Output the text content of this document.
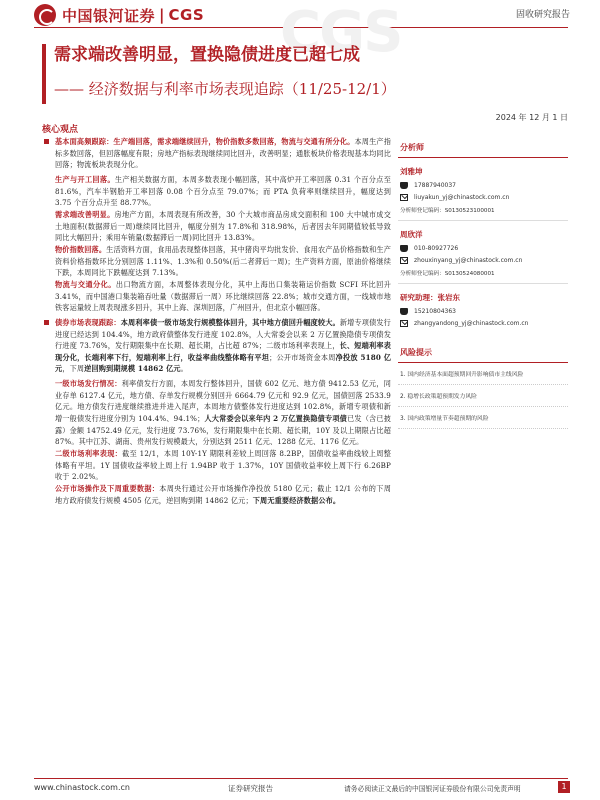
中国银河证券 | CGS	固收研究报告
CGS
需求端改善明显，置换隐债进度已超七成
—— 经济数据与利率市场表现追踪（11/25-12/1）
2024 年 12 月 1 日
核心观点
基本面高频跟踪：生产端回落，需求端继续回升，物价指数多数回落，物流与交通有所分化。本周生产指标多数回落，但回落幅度有限；房地产指标表现继续同比回升，改善明显；通胀板块价格表现基本均同比回落；物流板块表现分化。
生产与开工回落。生产相关数据方面，本周多数表现小幅回落，其中高炉开工率回落 0.31 个百分点至 81.6%，汽车半钢胎开工率回落 0.08 个百分点至 79.07%；而 PTA 负荷率则继续回升，幅度达到 3.75 个百分点升至 88.77%。
需求端改善明显。房地产方面，本周表现有所改善，30 个大城市商品房成交面积和 100 大中城市成交土地面积(数据滞后一周)继续同比回升，幅度分别为 17.8%和 318.98%，后者因去年同期值较低导致同比大幅回升；乘用车销量(数据滞后一周)同比回升 13.83%。
物价指数回落。生活资料方面，食用品表现整体回落，其中猪肉平均批发价、食用农产品价格指数和生产资料价格指数环比分别回落 1.11%、1.3%和 0.50%(后二者滞后一周)；生产资料方面，原油价格继续下跌，本周同比下跌幅度达到 7.13%。
物流与交通分化。出口物流方面，本周整体表现分化，其中上海出口集装箱运价指数 SCFI 环比回升 3.41%，而中国港口集装箱吞吐量（数据滞后一周）环比继续回落 22.8%；城市交通方面，一线城市地铁客运量较上周表现涨多回升，其中上海、深圳回落，广州回升，但北京小幅回落。
债券市场表现跟踪：本周利率债一级市场发行规模整体回升，其中地方债回升幅度较大。新增专项债发行进度已经达到 104.4%，地方政府债整体发行进度 102.8%，人大常委会以来 2 万亿置换隐债专项债发行进度 73.76%，发行期限集中在长期、超长期，占比超 87%；二级市场利率表现上，长、短端利率表现分化，长端利率下行，短端利率上行，收益率曲线整体略有平坦；公开市场资金本周净投放 5180 亿元，下周逆回购到期规模 14862 亿元。
一级市场发行情况：利率债发行方面，本周发行整体回升，国债 602 亿元、地方债 9412.53 亿元，同业存单 6127.4 亿元，地方债、存单发行规模分别回升 6664.79 亿元和 92.9 亿元，国债回落 2533.9 亿元。地方债发行进度继续推进并进入尾声，本周地方债整体发行进度达到 102.8%，新增专项债和新增一般债发行进度分别为 104.4%、94.1%；人大常委会以来年内 2 万亿置换隐债专项债已发（含已披露）金额 14752.49 亿元，发行进度 73.76%，发行期限集中在长期、超长期，10Y 及以上期限占比超 87%。其中江苏、湖南、贵州发行规模最大，分别达到 2511 亿元、1288 亿元、1176 亿元。
二级市场利率表现：截至 12/1，本周 10Y-1Y 期限利差较上周回落 8.2BP，国债收益率曲线较上周整体略有平坦。1Y 国债收益率较上周上行 1.94BP 收于 1.37%，10Y 国债收益率较上周下行 6.26BP 收于 2.02%。
公开市场操作及下周重要数据：本周央行通过公开市场操作净投放 5180 亿元；截止 12/1 公布的下周地方政府债发行规模 4505 亿元，逆回购到期 14862 亿元；下周无重要经济数据公布。
分析师
刘雅坤
17887940037
liuyakun_yj@chinastock.com.cn
分析师登记编码：S0130523100001
周欣洋
010-80927726
zhouxinyang_yj@chinastock.com.cn
分析师登记编码：S0130524080001
研究助理：张岩东
15210804363
zhangyandong_yj@chinastock.com.cn
风险提示
1. 国内经济基本面超预期回升影响债市主线风险
2. 稳增长政策超预期发力风险
3. 国内政策增量节奏超预期的风险
www.chinastock.com.cn	证券研究报告	请务必阅读正文最后的中国银河证券股份有限公司免责声明	1
